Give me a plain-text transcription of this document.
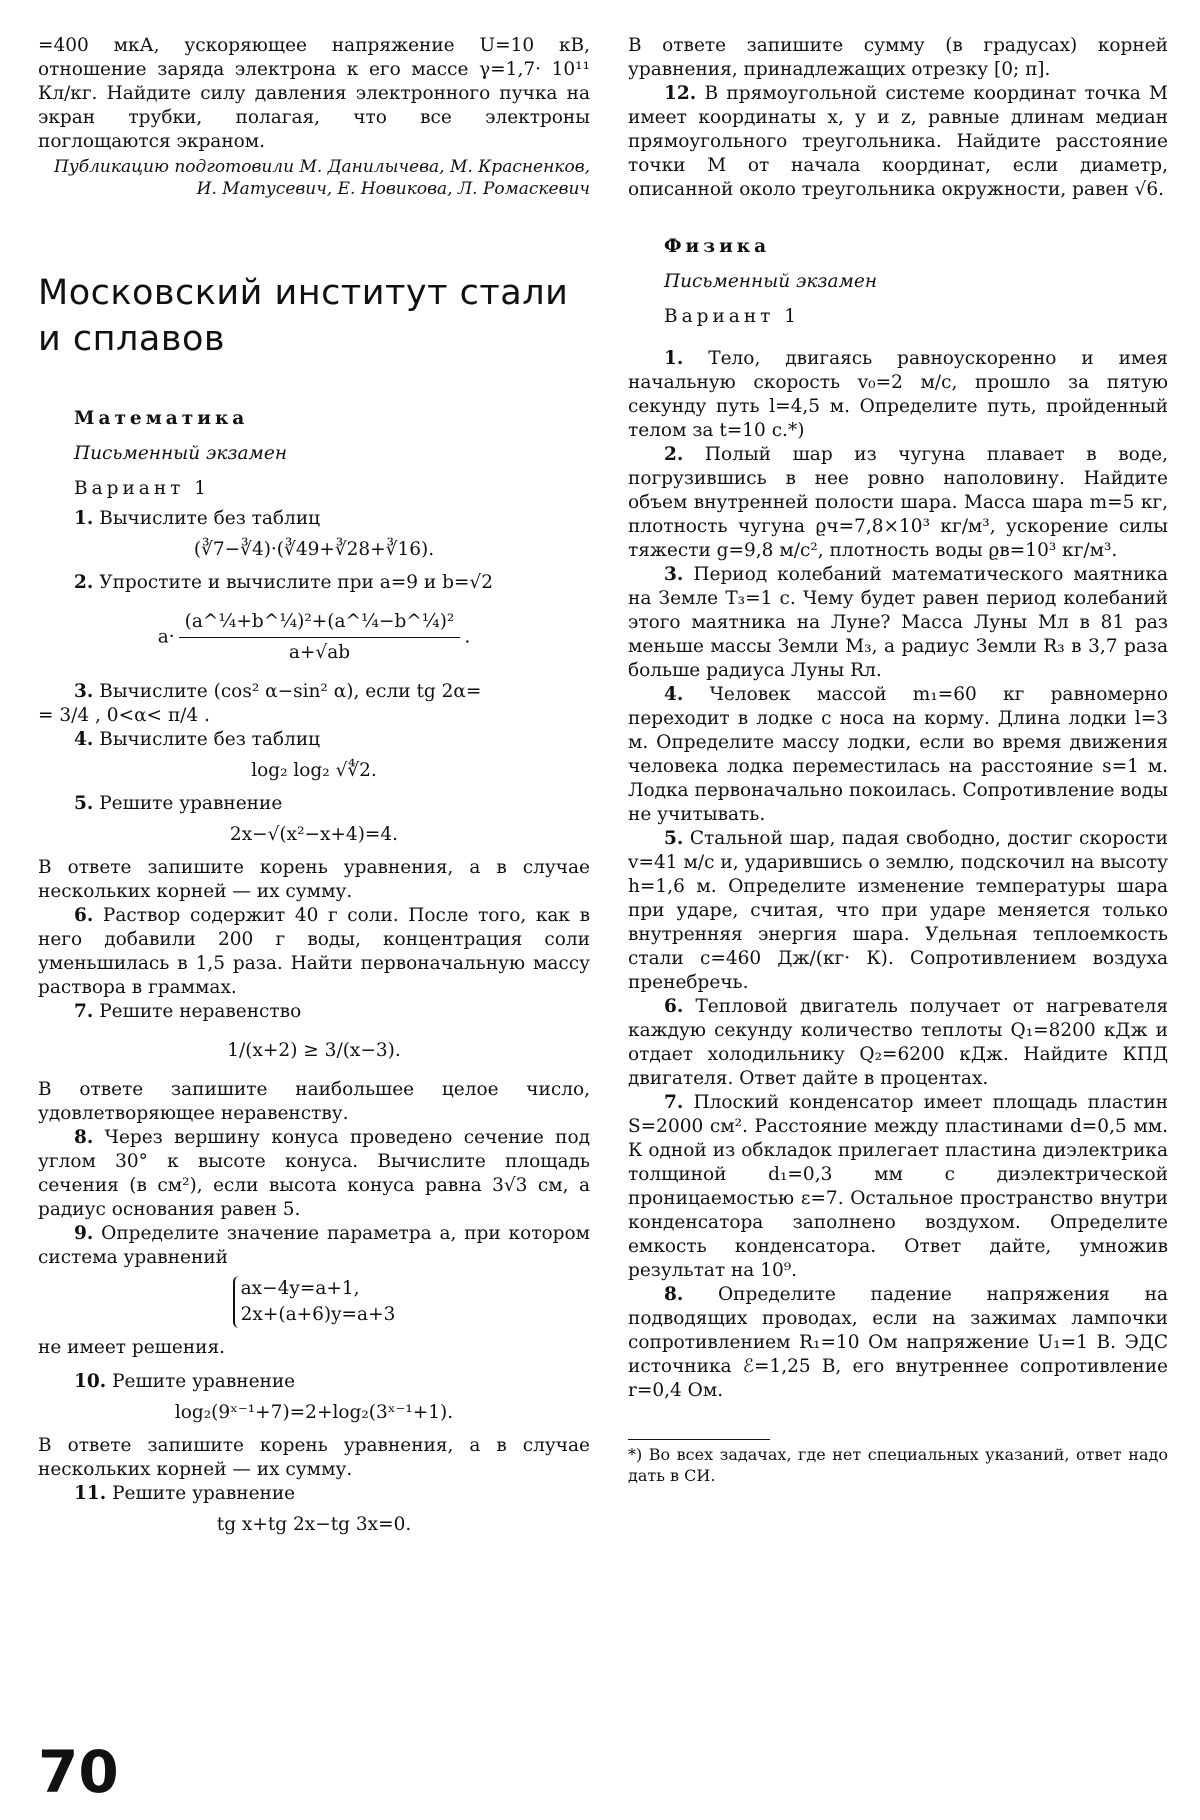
=400 мкА, ускоряющее напряжение U=10 кВ, отношение заряда электрона к его массе γ=1,7· 10¹¹ Кл/кг. Найдите силу давления электронного пучка на экран трубки, полагая, что все электроны поглощаются экраном.

Публикацию подготовили М. Данилычева, М. Красненков, И. Матусевич, Е. Новикова, Л. Ромаскевич

Московский институт стали и сплавов
Математика
Письменный экзамен
Вариант 1

1. Вычислите без таблиц

(∛7−∛4)·(∛49+∛28+∛16).

2. Упростите и вычислите при a=9 и b=√2

$a\cdot \frac{\text{(a\textasciicircum{}¼+b\textasciicircum{}¼)²+(a\textasciicircum{}¼−b\textasciicircum{}¼)²}}{a+√ab}$ .

3. Вычислите (cos² α−sin² α), если tg 2α=

= 3/4 , 0<α< π/4 .

4. Вычислите без таблиц

log₂ log₂ √∜2.

5. Решите уравнение

2x−√(x²−x+4)=4.

В ответе запишите корень уравнения, а в случае нескольких корней — их сумму.

6. Раствор содержит 40 г соли. После того, как в него добавили 200 г воды, концентрация соли уменьшилась в 1,5 раза. Найти первоначальную массу раствора в граммах.

7. Решите неравенство

1/(x+2) ≥ 3/(x−3).

В ответе запишите наибольшее целое число, удовлетворяющее неравенству.

8. Через вершину конуса проведено сечение под углом 30° к высоте конуса. Вычислите площадь сечения (в см²), если высота конуса равна 3√3 см, а радиус основания равен 5.

9. Определите значение параметра a, при котором система уравнений

ax−4y=a+1,
2x+(a+6)y=a+3

не имеет решения.

10. Решите уравнение

log₂(9ˣ⁻¹+7)=2+log₂(3ˣ⁻¹+1).

В ответе запишите корень уравнения, а в случае нескольких корней — их сумму.

11. Решите уравнение

tg x+tg 2x−tg 3x=0.

В ответе запишите сумму (в градусах) корней уравнения, принадлежащих отрезку [0; π].

12. В прямоугольной системе координат точка M имеет координаты x, y и z, равные длинам медиан прямоугольного треугольника. Найдите расстояние точки M от начала координат, если диаметр, описанной около треугольника окружности, равен √6.

Физика
Письменный экзамен
Вариант 1

1. Тело, двигаясь равноускоренно и имея начальную скорость v₀=2 м/с, прошло за пятую секунду путь l=4,5 м. Определите путь, пройденный телом за t=10 с.*)

2. Полый шар из чугуна плавает в воде, погрузившись в нее ровно наполовину. Найдите объем внутренней полости шара. Масса шара m=5 кг, плотность чугуна ϱч=7,8×10³ кг/м³, ускорение силы тяжести g=9,8 м/с², плотность воды ϱв=10³ кг/м³.

3. Период колебаний математического маятника на Земле T₃=1 с. Чему будет равен период колебаний этого маятника на Луне? Масса Луны Mл в 81 раз меньше массы Земли M₃, а радиус Земли R₃ в 3,7 раза больше радиуса Луны Rл.

4. Человек массой m₁=60 кг равномерно переходит в лодке с носа на корму. Длина лодки l=3 м. Определите массу лодки, если во время движения человека лодка переместилась на расстояние s=1 м. Лодка первоначально покоилась. Сопротивление воды не учитывать.

5. Стальной шар, падая свободно, достиг скорости v=41 м/с и, ударившись о землю, подскочил на высоту h=1,6 м. Определите изменение температуры шара при ударе, считая, что при ударе меняется только внутренняя энергия шара. Удельная теплоемкость стали c=460 Дж/(кг· К). Сопротивлением воздуха пренебречь.

6. Тепловой двигатель получает от нагревателя каждую секунду количество теплоты Q₁=8200 кДж и отдает холодильнику Q₂=6200 кДж. Найдите КПД двигателя. Ответ дайте в процентах.

7. Плоский конденсатор имеет площадь пластин S=2000 см². Расстояние между пластинами d=0,5 мм. К одной из обкладок прилегает пластина диэлектрика толщиной d₁=0,3 мм с диэлектрической проницаемостью ε=7. Остальное пространство внутри конденсатора заполнено воздухом. Определите емкость конденсатора. Ответ дайте, умножив результат на 10⁹.

8. Определите падение напряжения на подводящих проводах, если на зажимах лампочки сопротивлением R₁=10 Ом напряжение U₁=1 В. ЭДС источника ℰ=1,25 В, его внутреннее сопротивление r=0,4 Ом.

*) Во всех задачах, где нет специальных указаний, ответ надо дать в СИ.

70
